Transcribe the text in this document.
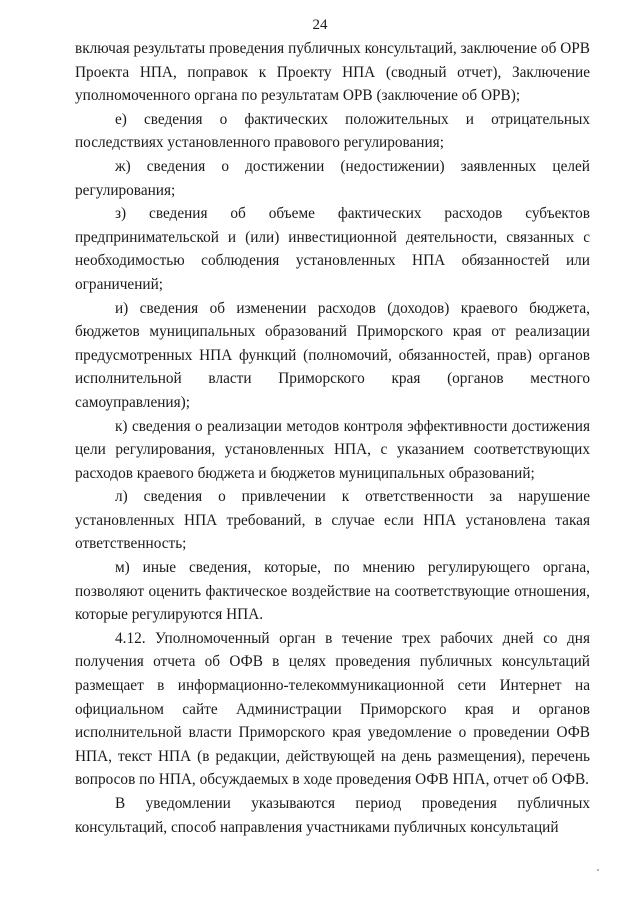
24

включая результаты проведения публичных консультаций, заключение об ОРВ Проекта НПА, поправок к Проекту НПА (сводный отчет), Заключение уполномоченного органа по результатам ОРВ (заключение об ОРВ);

е) сведения о фактических положительных и отрицательных последствиях установленного правового регулирования;

ж) сведения о достижении (недостижении) заявленных целей регулирования;

з) сведения об объеме фактических расходов субъектов предпринимательской и (или) инвестиционной деятельности, связанных с необходимостью соблюдения установленных НПА обязанностей или ограничений;

и) сведения об изменении расходов (доходов) краевого бюджета, бюджетов муниципальных образований Приморского края от реализации предусмотренных НПА функций (полномочий, обязанностей, прав) органов исполнительной власти Приморского края (органов местного самоуправления);

к) сведения о реализации методов контроля эффективности достижения цели регулирования, установленных НПА, с указанием соответствующих расходов краевого бюджета и бюджетов муниципальных образований;

л) сведения о привлечении к ответственности за нарушение установленных НПА требований, в случае если НПА установлена такая ответственность;

м) иные сведения, которые, по мнению регулирующего органа, позволяют оценить фактическое воздействие на соответствующие отношения, которые регулируются НПА.

4.12. Уполномоченный орган в течение трех рабочих дней со дня получения отчета об ОФВ в целях проведения публичных консультаций размещает в информационно-телекоммуникационной сети Интернет на официальном сайте Администрации Приморского края и органов исполнительной власти Приморского края уведомление о проведении ОФВ НПА, текст НПА (в редакции, действующей на день размещения), перечень вопросов по НПА, обсуждаемых в ходе проведения ОФВ НПА, отчет об ОФВ.

В уведомлении указываются период проведения публичных консультаций, способ направления участниками публичных консультаций
